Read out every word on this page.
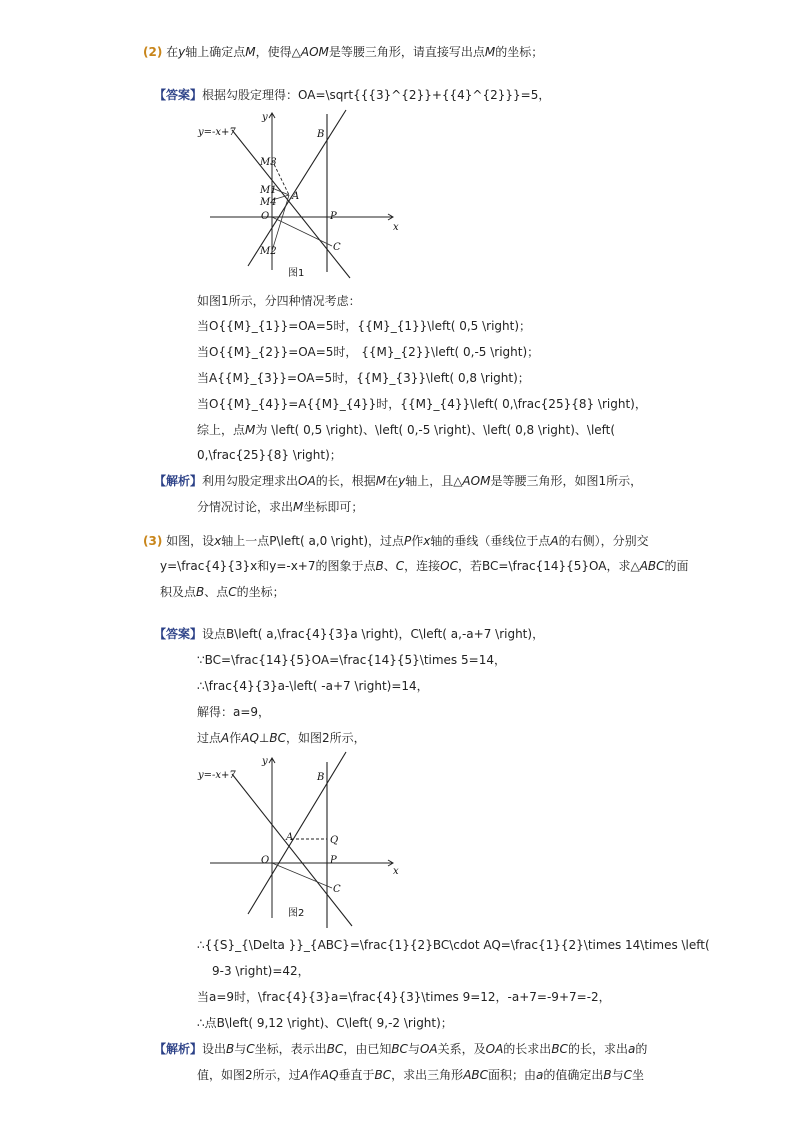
(2) 在y轴上确定点M，使得△AOM是等腰三角形，请直接写出点M的坐标；
【答案】根据勾股定理得：OA=\sqrt{{{3}^{2}}+{{4}^{2}}}=5，
y=-x+7
y
x
B
A
O	P
C
M3
M1
M4
M2
图1
如图1所示，分四种情况考虑：
当O{{M}_{1}}=OA=5时，{{M}_{1}}\left( 0,5 \right)；
当O{{M}_{2}}=OA=5时， {{M}_{2}}\left( 0,-5 \right)；
当A{{M}_{3}}=OA=5时，{{M}_{3}}\left( 0,8 \right)；
当O{{M}_{4}}=A{{M}_{4}}时，{{M}_{4}}\left( 0,\frac{25}{8} \right)，
综上，点M为 \left( 0,5 \right)、\left( 0,-5 \right)、\left( 0,8 \right)、\left(
0,\frac{25}{8} \right)；
【解析】利用勾股定理求出OA的长，根据M在y轴上，且△AOM是等腰三角形，如图1所示，
分情况讨论，求出M坐标即可；
(3) 如图，设x轴上一点P\left( a,0 \right)，过点P作x轴的垂线（垂线位于点A的右侧），分别交
y=\frac{4}{3}x和y=-x+7的图象于点B、C，连接OC，若BC=\frac{14}{5}OA，求△ABC的面
积及点B、点C的坐标；
【答案】设点B\left( a,\frac{4}{3}a \right)，C\left( a,-a+7 \right)，
∵BC=\frac{14}{5}OA=\frac{14}{5}\times 5=14，
∴\frac{4}{3}a-\left( -a+7 \right)=14，
解得：a=9，
过点A作AQ⊥BC，如图2所示，
y=-x+7
y
x
B
A	Q
O	P
C
图2
∴{{S}_{\Delta }}_{ABC}=\frac{1}{2}BC\cdot AQ=\frac{1}{2}\times 14\times \left(
9-3 \right)=42，
当a=9时，\frac{4}{3}a=\frac{4}{3}\times 9=12，-a+7=-9+7=-2，
∴点B\left( 9,12 \right)、C\left( 9,-2 \right)；
【解析】设出B与C坐标，表示出BC，由已知BC与OA关系，及OA的长求出BC的长，求出a的
值，如图2所示，过A作AQ垂直于BC，求出三角形ABC面积；由a的值确定出B与C坐
